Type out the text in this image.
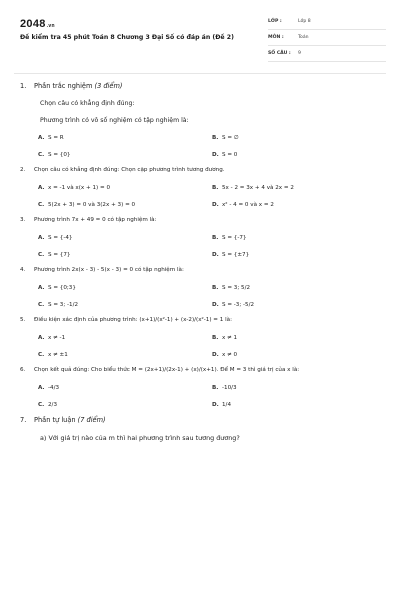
2048.vn
Đề kiểm tra 45 phút Toán 8 Chương 3 Đại Số có đáp án (Đề 2)
LỚP :	Lớp 8
MÔN :	Toán
SỐ CÂU : 9
1. Phần trắc nghiệm (3 điểm)
Chọn câu có khẳng định đúng:
Phương trình có vô số nghiệm có tập nghiệm là:
A. S = R	B. S = ∅
C. S = {0}	D. S = 0
2. Chọn câu có khẳng định đúng: Chọn cặp phương trình tương đương.
A. x = -1 và x(x + 1) = 0	B. 5x - 2 = 3x + 4 và 2x = 2
C. 5(2x + 3) = 0 và 3(2x + 3) = 0	D. x² - 4 = 0 và x = 2
3. Phương trình 7x + 49 = 0 có tập nghiệm là:
A. S = {-4}	B. S = {-7}
C. S = {7}	D. S = {±7}
4. Phương trình 2x(x - 3) - 5(x - 3) = 0 có tập nghiệm là:
A. S = {0;3}	B. S = 3; 5/2
C. S = 3; -1/2	D. S = -3; -5/2
5. Điều kiện xác định của phương trình: (x+1)/(x²-1) + (x-2)/(x²-1) = 1 là:
A. x ≠ -1	B. x ≠ 1
C. x ≠ ±1	D. x ≠ 0
6. Chọn kết quả đúng: Cho biểu thức M = (2x+1)/(2x-1) + (x)/(x+1). Để M = 3 thì giá trị của x là:
A. -4/3	B. -10/3
C. 2/3	D. 1/4
7. Phần tự luận (7 điểm)
a) Với giá trị nào của m thì hai phương trình sau tương đương?
